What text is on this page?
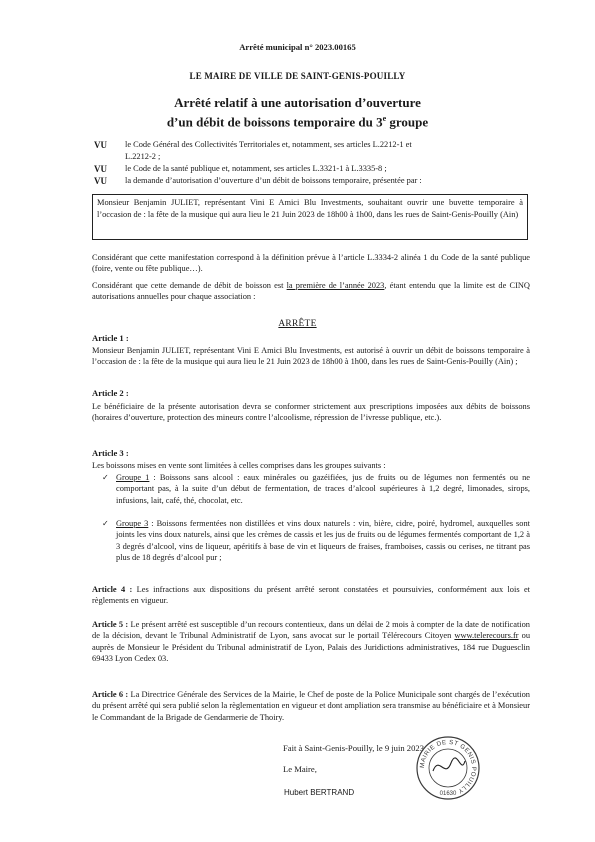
Arrêté municipal n° 2023.00165
LE MAIRE DE VILLE DE SAINT-GENIS-POUILLY
Arrêté relatif à une autorisation d’ouverture
d’un débit de boissons temporaire du 3e groupe
VU le Code Général des Collectivités Territoriales et, notamment, ses articles L.2212-1 et
L.2212-2 ;
VU le Code de la santé publique et, notamment, ses articles L.3321-1 à L.3335-8 ;
VU la demande d’autorisation d’ouverture d’un débit de boissons temporaire, présentée par :
Monsieur Benjamin JULIET, représentant Vini E Amici Blu Investments, souhaitant ouvrir une buvette temporaire à l’occasion de : la fête de la musique qui aura lieu le 21 Juin 2023 de 18h00 à 1h00, dans les rues de Saint-Genis-Pouilly (Ain)
Considérant que cette manifestation correspond à la définition prévue à l’article L.3334-2 alinéa 1 du Code de la santé publique (foire, vente ou fête publique…).
Considérant que cette demande de débit de boisson est la première de l’année 2023, étant entendu que la limite est de CINQ autorisations annuelles pour chaque association :
ARRÊTE
Article 1 :
Monsieur Benjamin JULIET, représentant Vini E Amici Blu Investments, est autorisé à ouvrir un débit de boissons temporaire à l’occasion de : la fête de la musique qui aura lieu le 21 Juin 2023 de 18h00 à 1h00, dans les rues de Saint-Genis-Pouilly (Ain) ;
Article 2 :
Le bénéficiaire de la présente autorisation devra se conformer strictement aux prescriptions imposées aux débits de boissons (horaires d’ouverture, protection des mineurs contre l’alcoolisme, répression de l’ivresse publique, etc.).
Article 3 :
Les boissons mises en vente sont limitées à celles comprises dans les groupes suivants :
✓ Groupe 1 : Boissons sans alcool : eaux minérales ou gazéifiées, jus de fruits ou de légumes non fermentés ou ne comportant pas, à la suite d’un début de fermentation, de traces d’alcool supérieures à 1,2 degré, limonades, sirops, infusions, lait, café, thé, chocolat, etc.
✓ Groupe 3 : Boissons fermentées non distillées et vins doux naturels : vin, bière, cidre, poiré, hydromel, auxquelles sont joints les vins doux naturels, ainsi que les crèmes de cassis et les jus de fruits ou de légumes fermentés comportant de 1,2 à 3 degrés d’alcool, vins de liqueur, apéritifs à base de vin et liqueurs de fraises, framboises, cassis ou cerises, ne titrant pas plus de 18 degrés d’alcool pur ;
Article 4 : Les infractions aux dispositions du présent arrêté seront constatées et poursuivies, conformément aux lois et règlements en vigueur.
Article 5 : Le présent arrêté est susceptible d’un recours contentieux, dans un délai de 2 mois à compter de la date de notification de la décision, devant le Tribunal Administratif de Lyon, sans avocat sur le portail Télérecours Citoyen www.telerecours.fr ou auprès de Monsieur le Président du Tribunal administratif de Lyon, Palais des Juridictions administratives, 184 rue Duguesclin 69433 Lyon Cedex 03.
Article 6 : La Directrice Générale des Services de la Mairie, le Chef de poste de la Police Municipale sont chargés de l’exécution du présent arrêté qui sera publié selon la règlementation en vigueur et dont ampliation sera transmise au bénéficiaire et à Monsieur le Commandant de la Brigade de Gendarmerie de Thoiry.
Fait à Saint-Genis-Pouilly, le 9 juin 2023
Le Maire,
Hubert BERTRAND
MAIRIE DE ST GENIS POUILLY
01630
